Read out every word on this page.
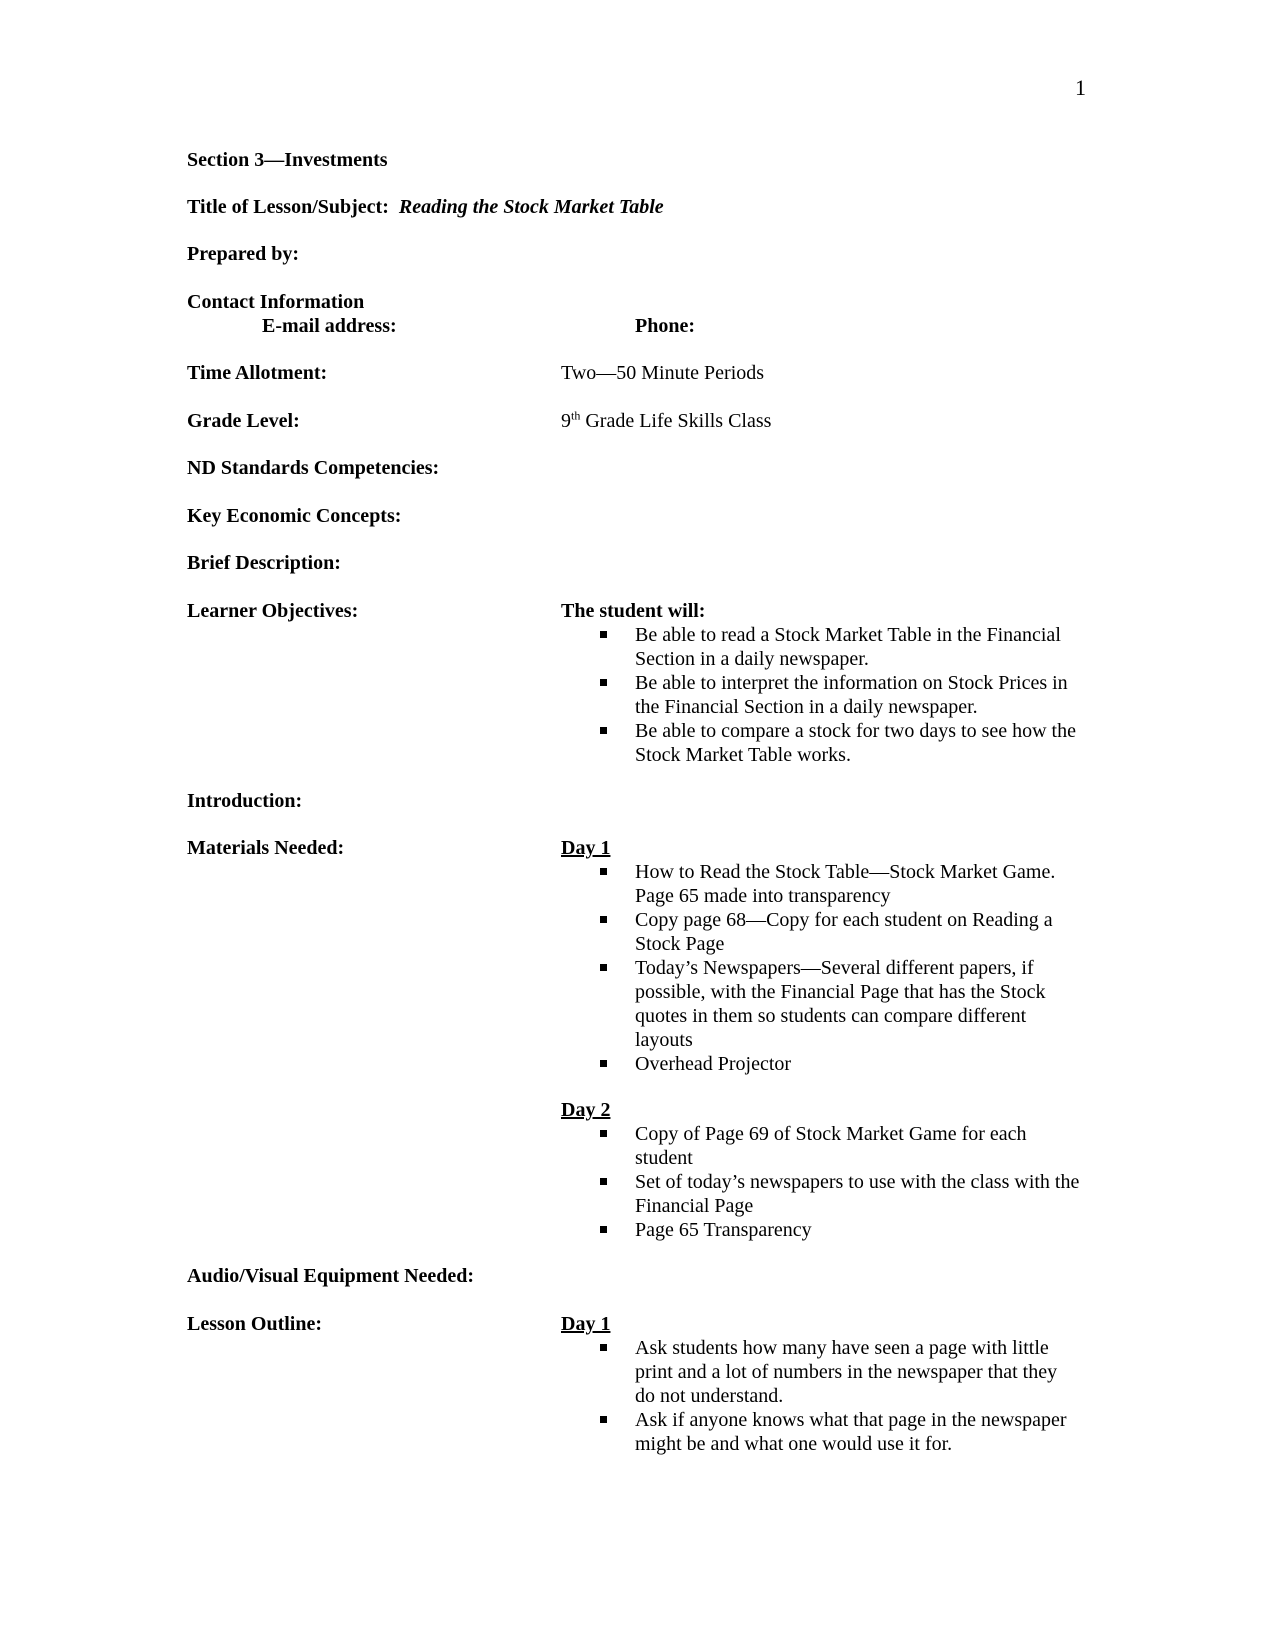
1
Section 3—Investments
Title of Lesson/Subject: Reading the Stock Market Table
Prepared by:
Contact Information
E-mail address:	Phone:
Time Allotment:	Two—50 Minute Periods
Grade Level:	9th Grade Life Skills Class
ND Standards Competencies:
Key Economic Concepts:
Brief Description:
Learner Objectives:	The student will:
Be able to read a Stock Market Table in the Financial Section in a daily newspaper.
Be able to interpret the information on Stock Prices in the Financial Section in a daily newspaper.
Be able to compare a stock for two days to see how the Stock Market Table works.
Introduction:
Materials Needed:	Day 1
How to Read the Stock Table—Stock Market Game. Page 65 made into transparency
Copy page 68—Copy for each student on Reading a Stock Page
Today’s Newspapers—Several different papers, if possible, with the Financial Page that has the Stock quotes in them so students can compare different layouts
Overhead Projector
Day 2
Copy of Page 69 of Stock Market Game for each student
Set of today’s newspapers to use with the class with the Financial Page
Page 65 Transparency
Audio/Visual Equipment Needed:
Lesson Outline:	Day 1
Ask students how many have seen a page with little print and a lot of numbers in the newspaper that they do not understand.
Ask if anyone knows what that page in the newspaper might be and what one would use it for.
